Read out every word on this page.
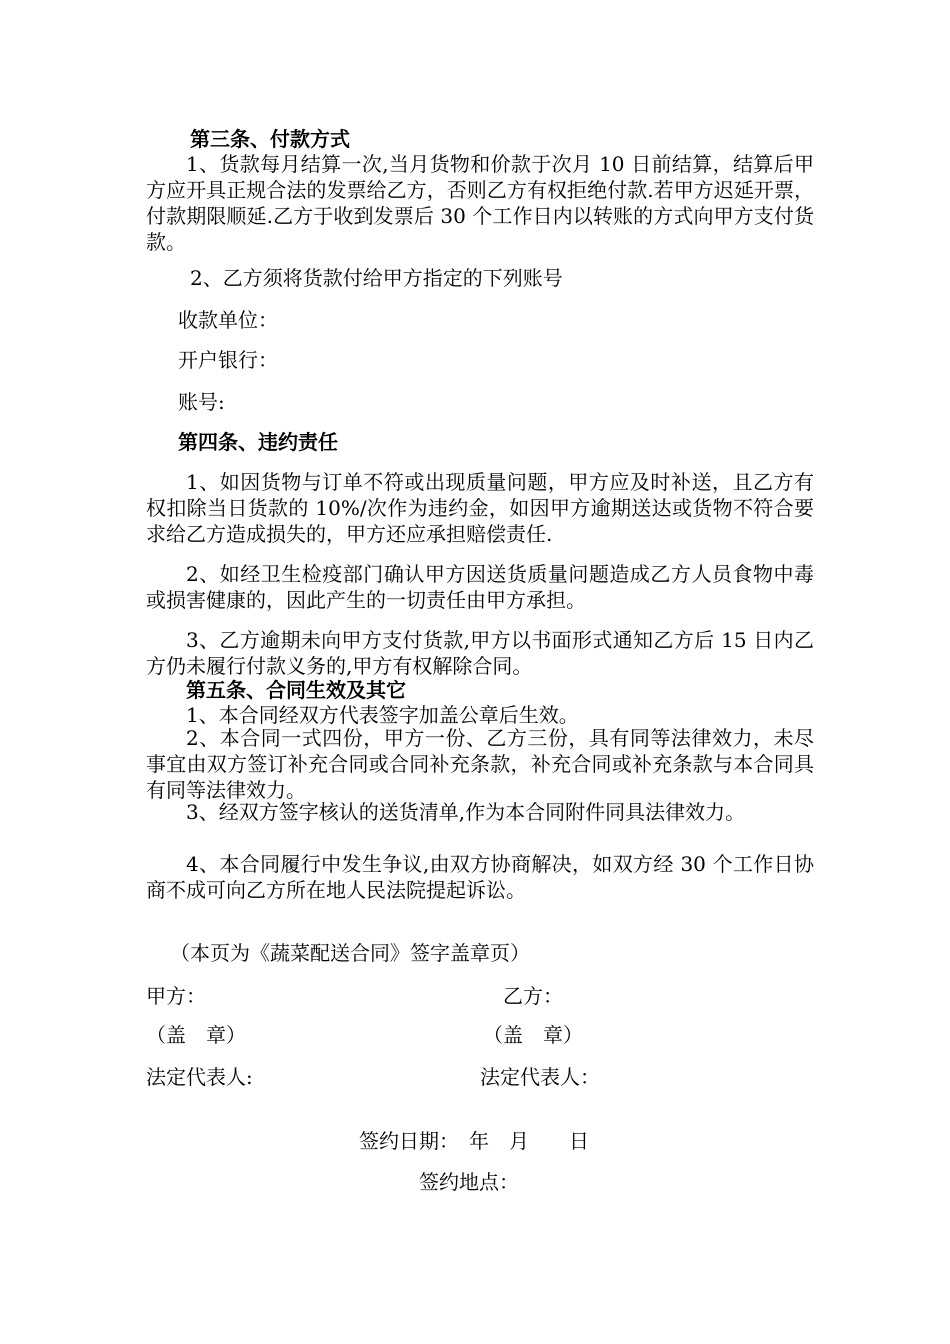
第三条、付款方式
1、货款每月结算一次,当月货物和价款于次月 10 日前结算，结算后甲方应开具正规合法的发票给乙方，否则乙方有权拒绝付款.若甲方迟延开票，付款期限顺延.乙方于收到发票后 30 个工作日内以转账的方式向甲方支付货款。
2、乙方须将货款付给甲方指定的下列账号
收款单位：
开户银行：
账号:
第四条、违约责任
1、如因货物与订单不符或出现质量问题，甲方应及时补送，且乙方有权扣除当日货款的 10%/次作为违约金，如因甲方逾期送达或货物不符合要求给乙方造成损失的，甲方还应承担赔偿责任.
2、如经卫生检疫部门确认甲方因送货质量问题造成乙方人员食物中毒或损害健康的，因此产生的一切责任由甲方承担。
3、乙方逾期未向甲方支付货款,甲方以书面形式通知乙方后 15 日内乙方仍未履行付款义务的,甲方有权解除合同。
第五条、合同生效及其它
1、本合同经双方代表签字加盖公章后生效。
2、本合同一式四份，甲方一份、乙方三份，具有同等法律效力，未尽事宜由双方签订补充合同或合同补充条款，补充合同或补充条款与本合同具有同等法律效力。
3、经双方签字核认的送货清单,作为本合同附件同具法律效力。
4、本合同履行中发生争议,由双方协商解决，如双方经 30 个工作日协商不成可向乙方所在地人民法院提起诉讼。
（本页为《蔬菜配送合同》签字盖章页）
甲方：	乙方：
（盖　章）	（盖　章）
法定代表人:	法定代表人：
签约日期：　年　月　　日
签约地点：
